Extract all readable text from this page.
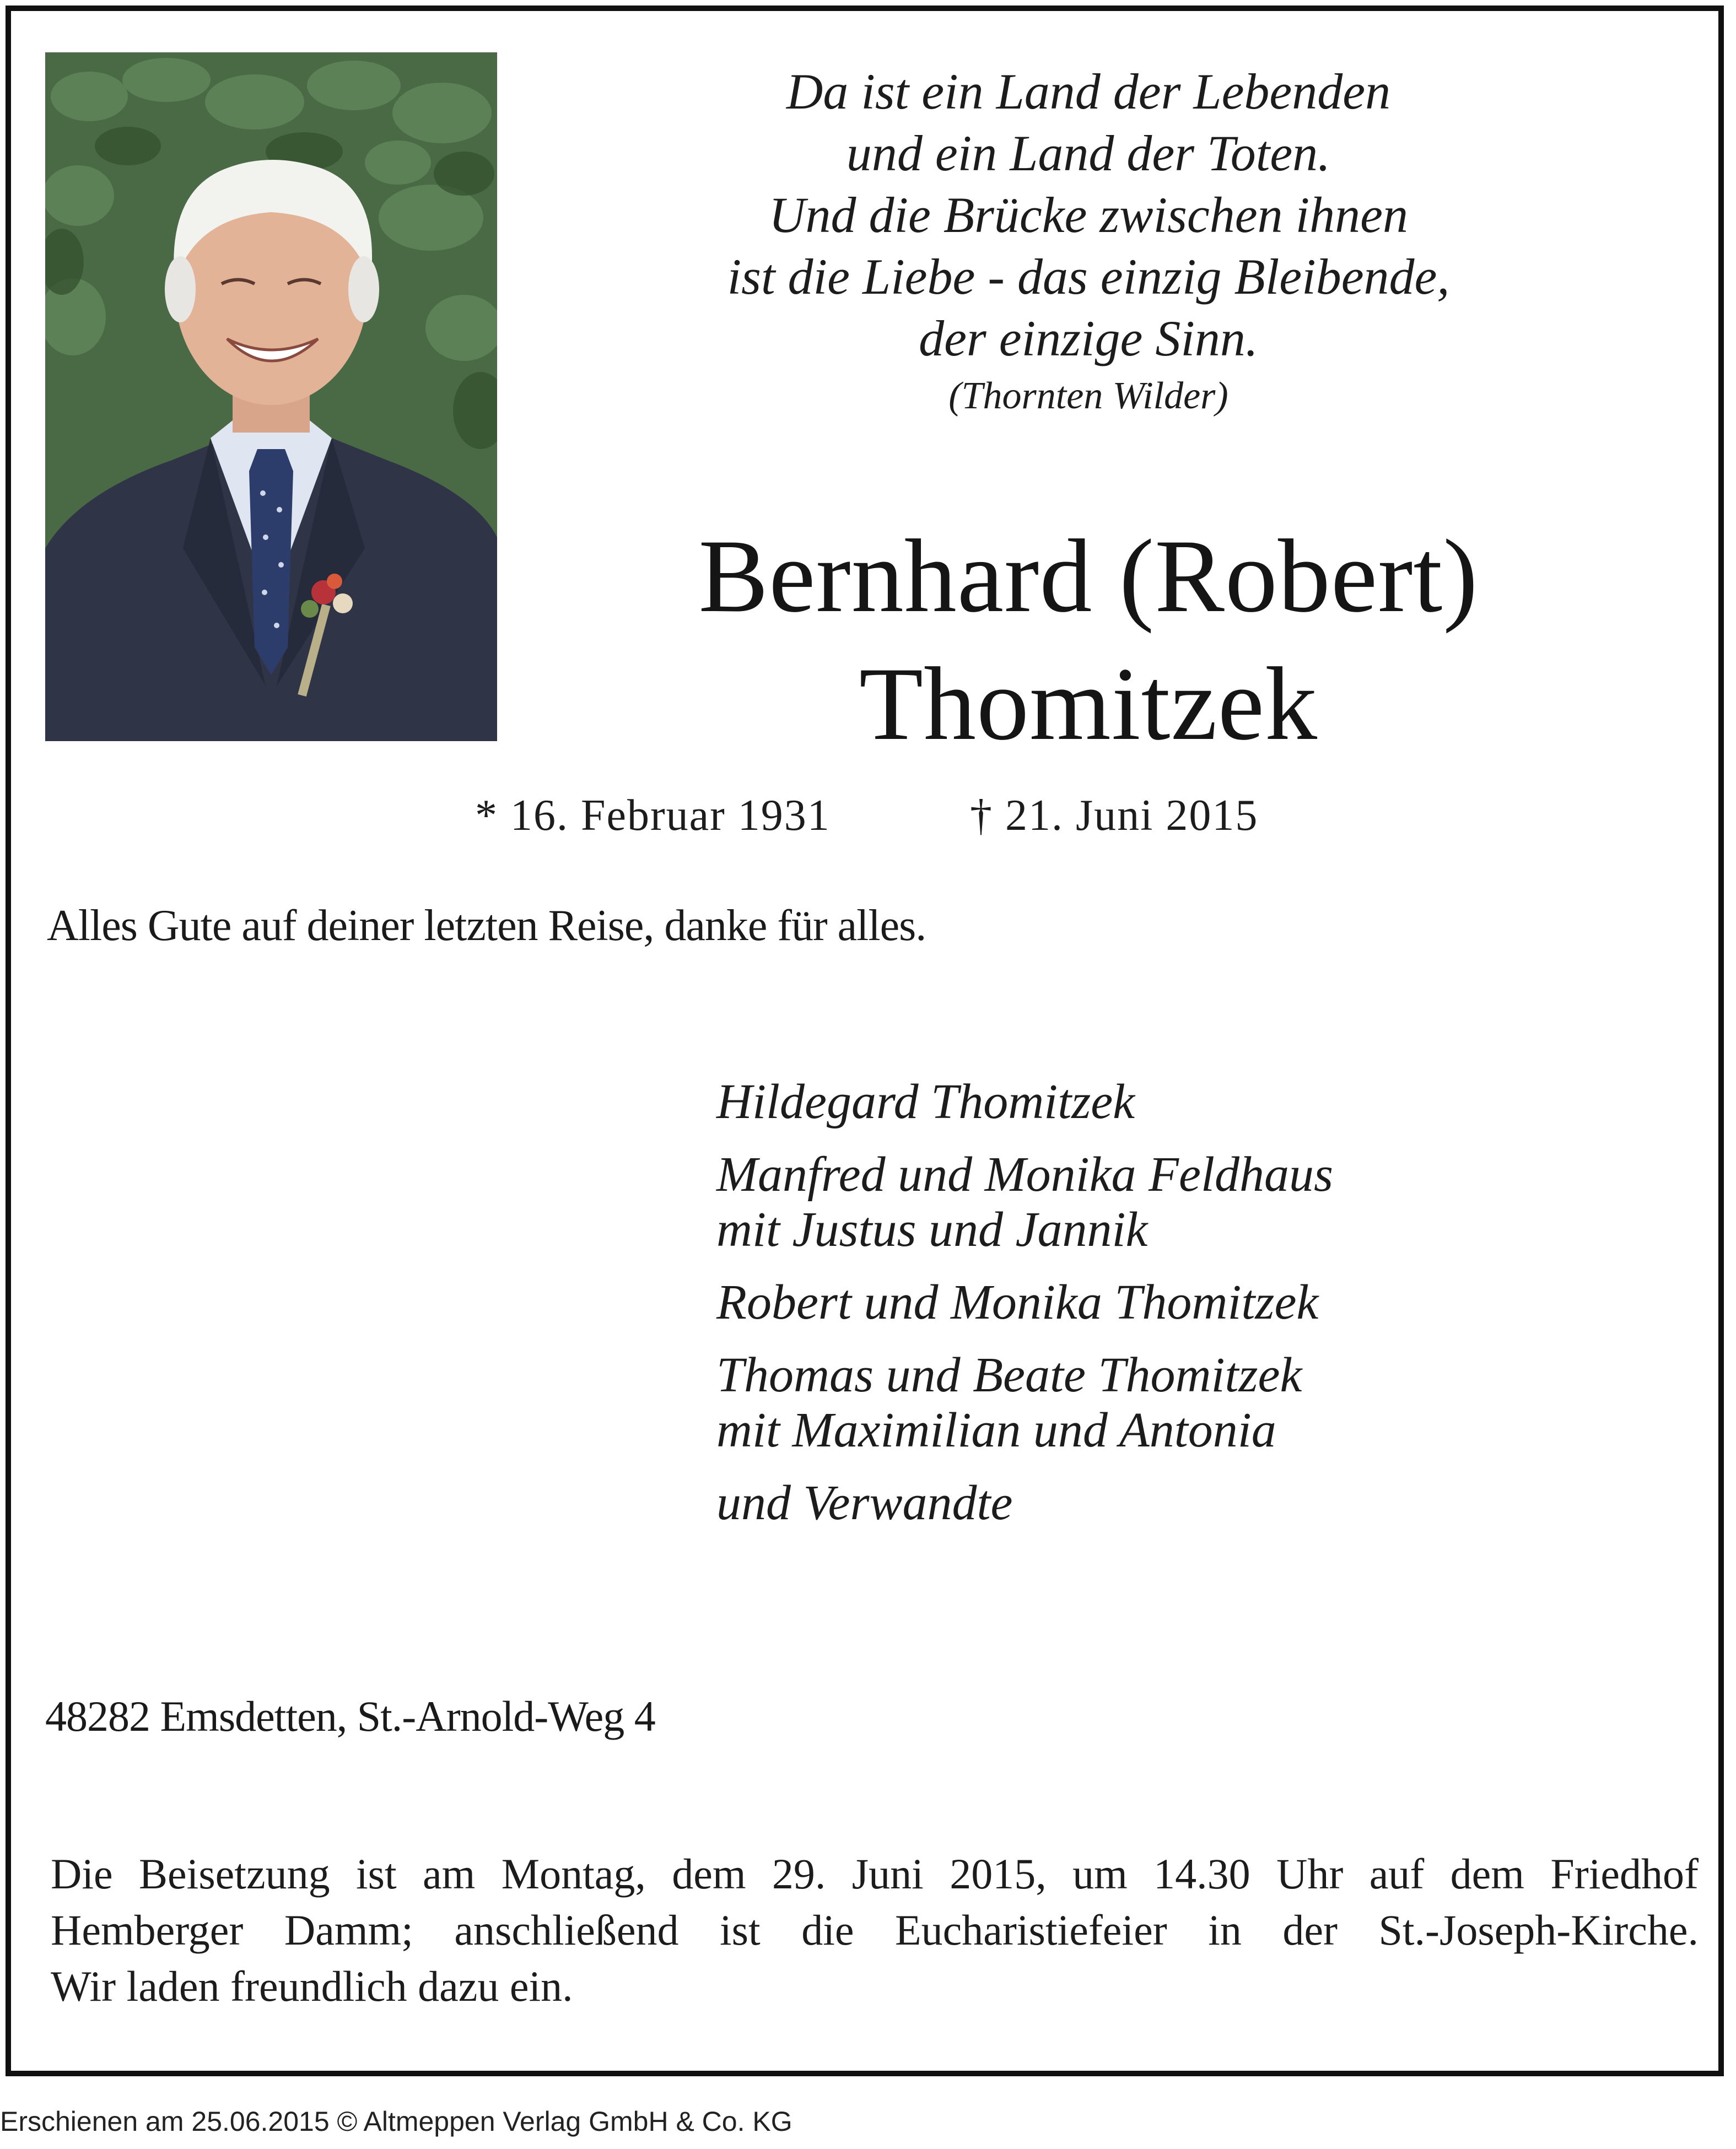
Da ist ein Land der Lebenden
und ein Land der Toten.
Und die Brücke zwischen ihnen
ist die Liebe - das einzig Bleibende,
der einzige Sinn.
(Thornten Wilder)
Bernhard (Robert)
Thomitzek
* 16. Februar 1931	† 21. Juni 2015
Alles Gute auf deiner letzten Reise, danke für alles.
Hildegard Thomitzek
Manfred und Monika Feldhaus
mit Justus und Jannik
Robert und Monika Thomitzek
Thomas und Beate Thomitzek
mit Maximilian und Antonia
und Verwandte
48282 Emsdetten, St.-Arnold-Weg 4
Die Beisetzung ist am Montag, dem 29. Juni 2015, um 14.30 Uhr auf dem Friedhof
Hemberger Damm; anschließend ist die Eucharistiefeier in der St.-Joseph-Kirche.
Wir laden freundlich dazu ein.
Erschienen am 25.06.2015 © Altmeppen Verlag GmbH & Co. KG
